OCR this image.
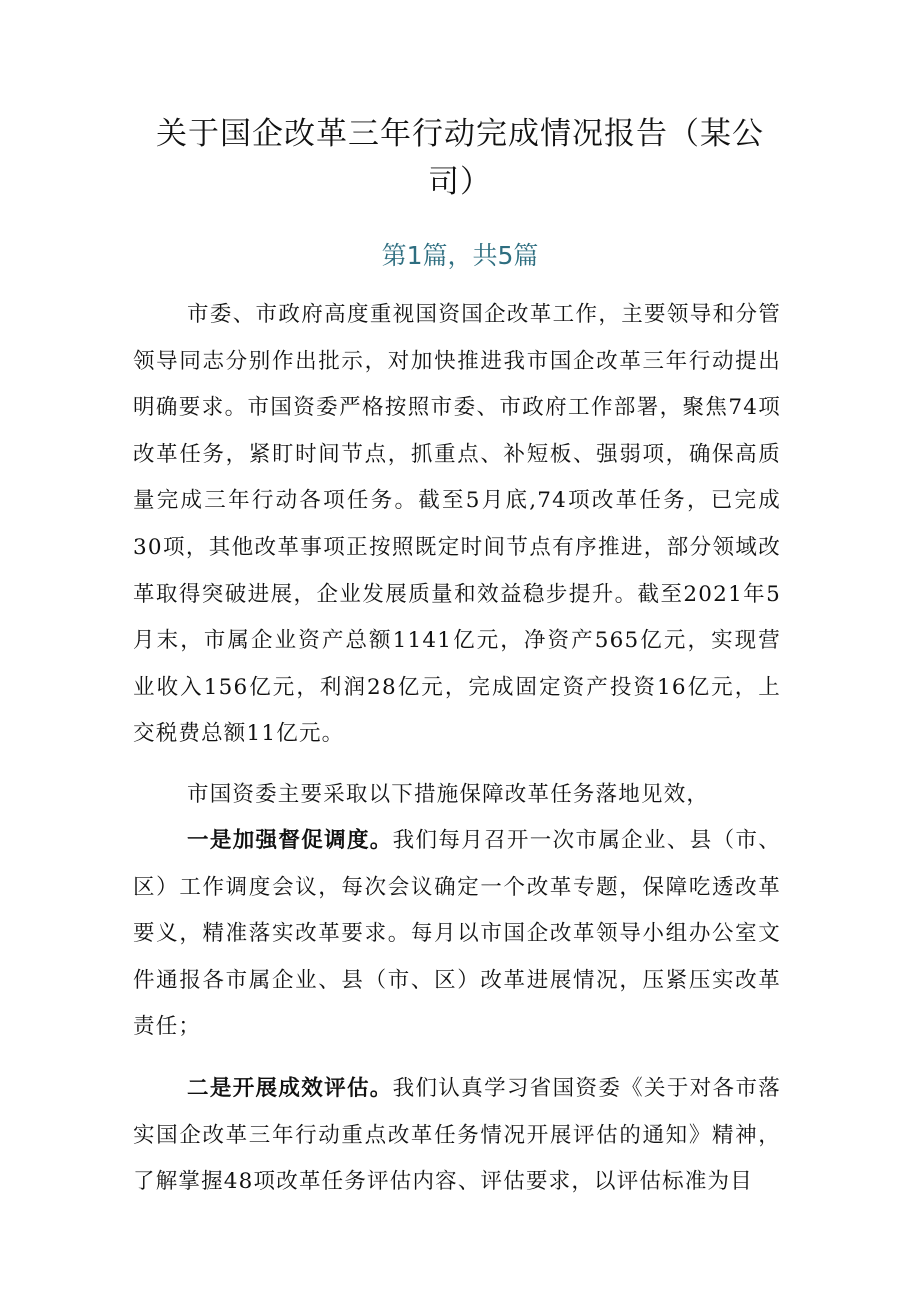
关于国企改革三年行动完成情况报告（某公司）
第1篇，共5篇

市委、市政府高度重视国资国企改革工作，主要领导和分管领导同志分别作出批示，对加快推进我市国企改革三年行动提出明确要求。市国资委严格按照市委、市政府工作部署，聚焦74项改革任务，紧盯时间节点，抓重点、补短板、强弱项，确保高质量完成三年行动各项任务。截至5月底,74项改革任务，已完成30项，其他改革事项正按照既定时间节点有序推进，部分领域改革取得突破进展，企业发展质量和效益稳步提升。截至2021年5月末，市属企业资产总额1141亿元，净资产565亿元，实现营业收入156亿元，利润28亿元，完成固定资产投资16亿元，上交税费总额11亿元。

市国资委主要采取以下措施保障改革任务落地见效，

一是加强督促调度。我们每月召开一次市属企业、县（市、区）工作调度会议，每次会议确定一个改革专题，保障吃透改革要义，精准落实改革要求。每月以市国企改革领导小组办公室文件通报各市属企业、县（市、区）改革进展情况，压紧压实改革责任；

二是开展成效评估。我们认真学习省国资委《关于对各市落实国企改革三年行动重点改革任务情况开展评估的通知》精神，了解掌握48项改革任务评估内容、评估要求，以评估标准为目
